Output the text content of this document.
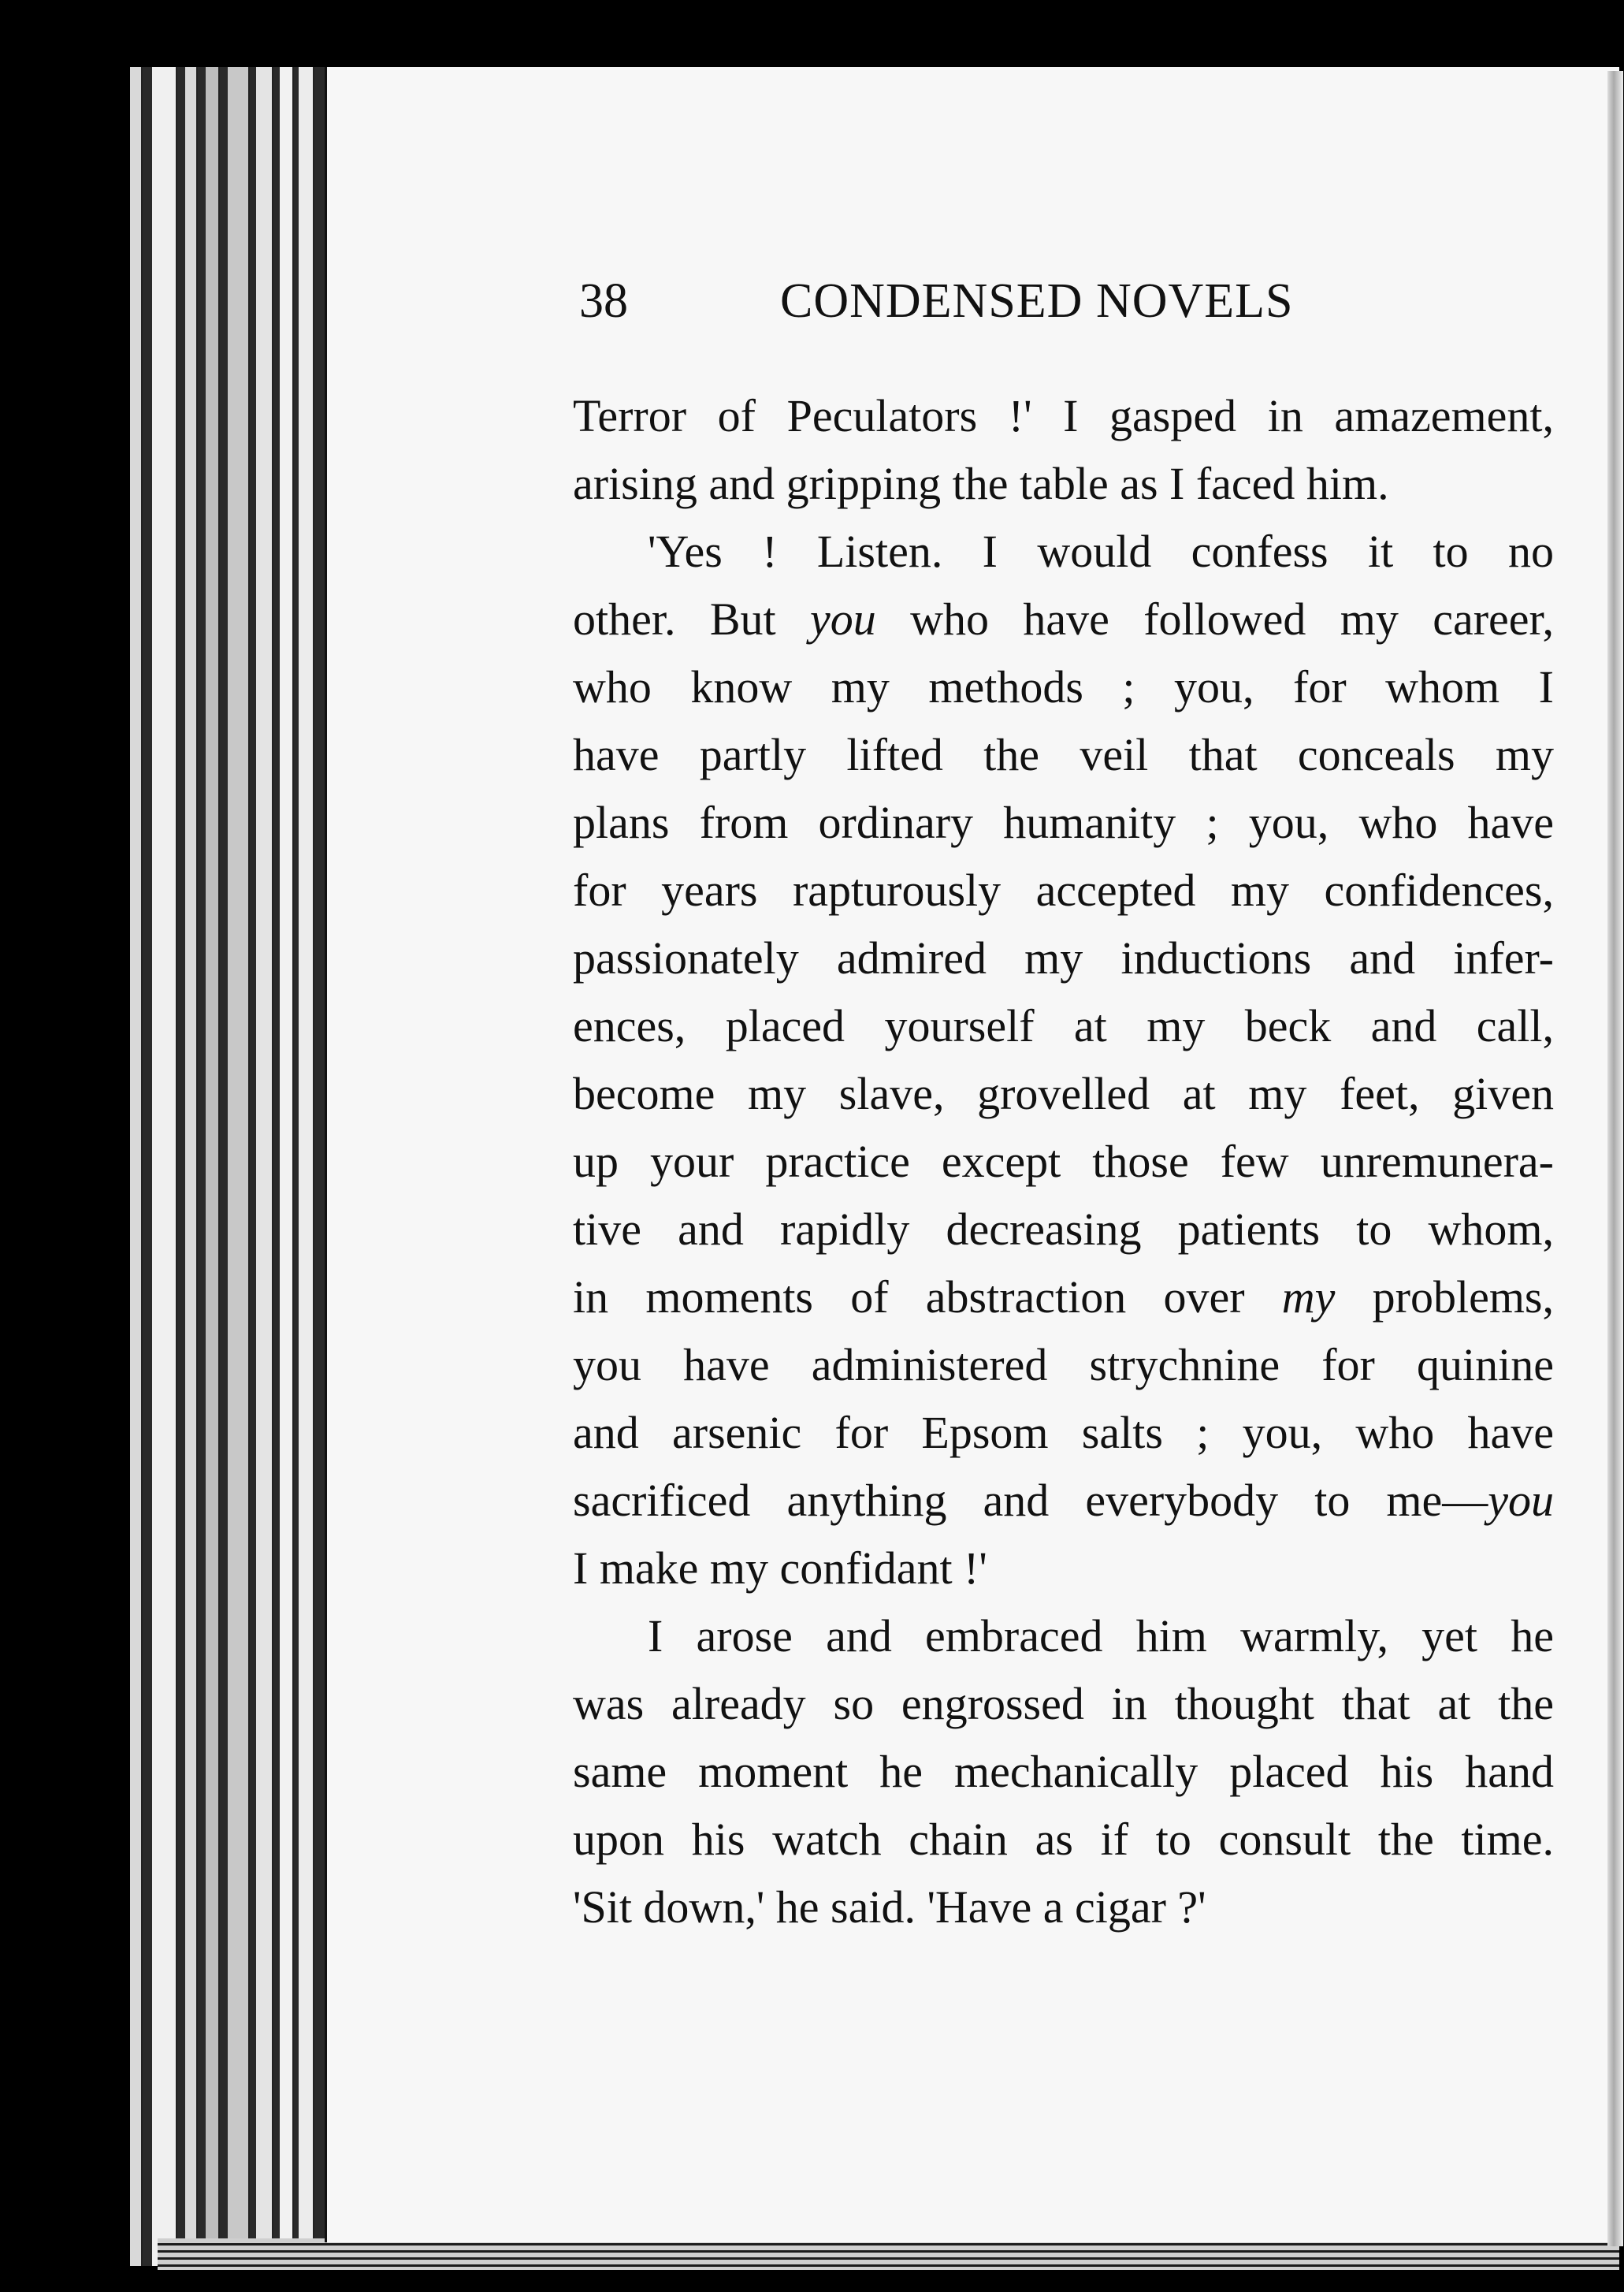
38	CONDENSED NOVELS
Terror of Peculators !' I gasped in amazement,
arising and gripping the table as I faced him.
'Yes ! Listen. I would confess it to no
other. But you who have followed my career,
who know my methods ; you, for whom I
have partly lifted the veil that conceals my
plans from ordinary humanity ; you, who have
for years rapturously accepted my confidences,
passionately admired my inductions and infer-
ences, placed yourself at my beck and call,
become my slave, grovelled at my feet, given
up your practice except those few unremunera-
tive and rapidly decreasing patients to whom,
in moments of abstraction over my problems,
you have administered strychnine for quinine
and arsenic for Epsom salts ; you, who have
sacrificed anything and everybody to me—you
I make my confidant !'
I arose and embraced him warmly, yet he
was already so engrossed in thought that at the
same moment he mechanically placed his hand
upon his watch chain as if to consult the time.
'Sit down,' he said. 'Have a cigar ?'
